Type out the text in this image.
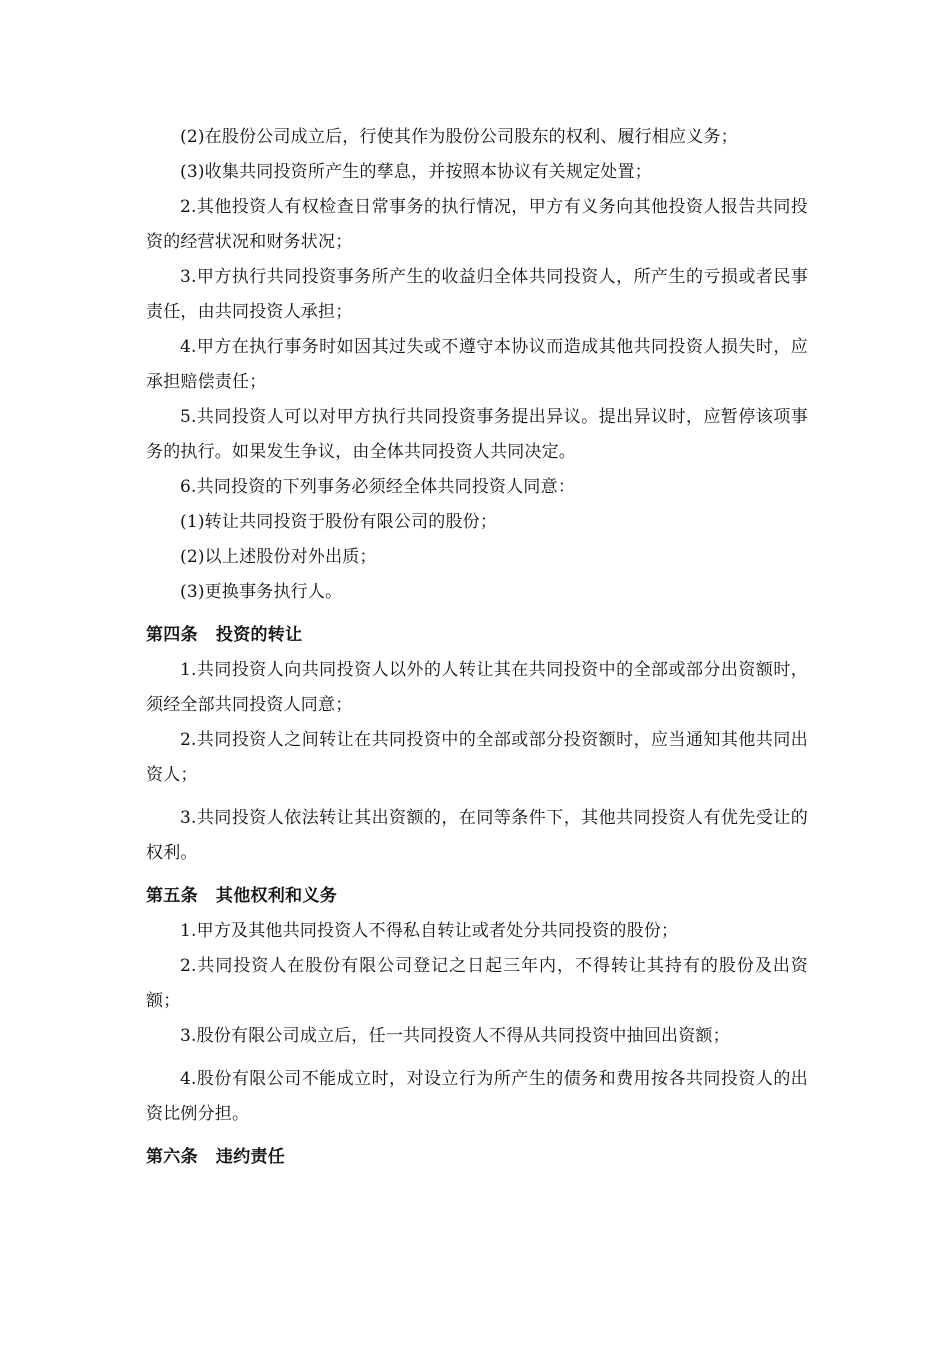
(2)在股份公司成立后，行使其作为股份公司股东的权利、履行相应义务；

(3)收集共同投资所产生的孳息，并按照本协议有关规定处置；

2.其他投资人有权检查日常事务的执行情况，甲方有义务向其他投资人报告共同投资的经营状况和财务状况；

3.甲方执行共同投资事务所产生的收益归全体共同投资人，所产生的亏损或者民事责任，由共同投资人承担；

4.甲方在执行事务时如因其过失或不遵守本协议而造成其他共同投资人损失时，应承担赔偿责任；

5.共同投资人可以对甲方执行共同投资事务提出异议。提出异议时，应暂停该项事务的执行。如果发生争议，由全体共同投资人共同决定。

6.共同投资的下列事务必须经全体共同投资人同意：

(1)转让共同投资于股份有限公司的股份；

(2)以上述股份对外出质；

(3)更换事务执行人。

第四条 投资的转让

1.共同投资人向共同投资人以外的人转让其在共同投资中的全部或部分出资额时，须经全部共同投资人同意；

2.共同投资人之间转让在共同投资中的全部或部分投资额时，应当通知其他共同出资人；

3.共同投资人依法转让其出资额的，在同等条件下，其他共同投资人有优先受让的权利。

第五条 其他权利和义务

1.甲方及其他共同投资人不得私自转让或者处分共同投资的股份；

2.共同投资人在股份有限公司登记之日起三年内，不得转让其持有的股份及出资额；

3.股份有限公司成立后，任一共同投资人不得从共同投资中抽回出资额；

4.股份有限公司不能成立时，对设立行为所产生的债务和费用按各共同投资人的出资比例分担。

第六条 违约责任
